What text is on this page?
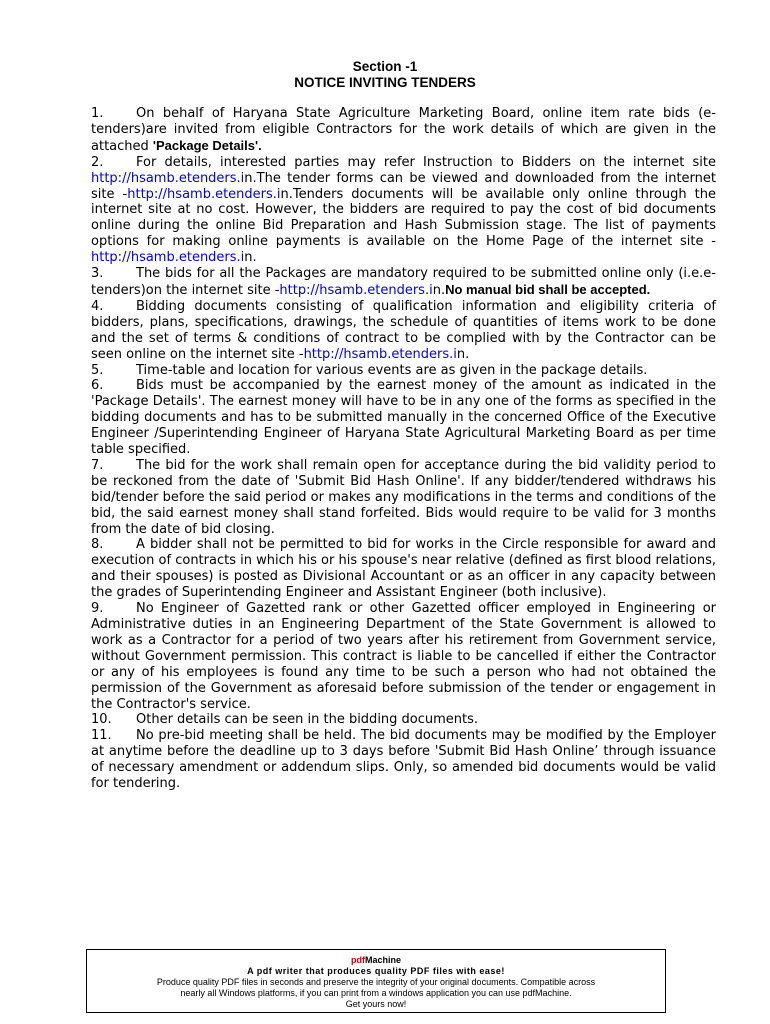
Section -1
NOTICE INVITING TENDERS

1.	On behalf of Haryana State Agriculture Marketing Board, online item rate bids (e-tenders)are invited from eligible Contractors for the work details of which are given in the attached 'Package Details'.

2.	For details, interested parties may refer Instruction to Bidders on the internet site http://hsamb.etenders.in.The tender forms can be viewed and downloaded from the internet site -http://hsamb.etenders.in.Tenders documents will be available only online through the internet site at no cost. However, the bidders are required to pay the cost of bid documents online during the online Bid Preparation and Hash Submission stage. The list of payments options for making online payments is available on the Home Page of the internet site -http://hsamb.etenders.in.

3.	The bids for all the Packages are mandatory required to be submitted online only (i.e.e-tenders)on the internet site -http://hsamb.etenders.in.No manual bid shall be accepted.

4.	Bidding documents consisting of qualification information and eligibility criteria of bidders, plans, specifications, drawings, the schedule of quantities of items work to be done and the set of terms & conditions of contract to be complied with by the Contractor can be seen online on the internet site -http://hsamb.etenders.in.

5.	Time-table and location for various events are as given in the package details.

6.	Bids must be accompanied by the earnest money of the amount as indicated in the 'Package Details'. The earnest money will have to be in any one of the forms as specified in the bidding documents and has to be submitted manually in the concerned Office of the Executive Engineer /Superintending Engineer of Haryana State Agricultural Marketing Board as per time table specified.

7.	The bid for the work shall remain open for acceptance during the bid validity period to be reckoned from the date of 'Submit Bid Hash Online'. If any bidder/tendered withdraws his bid/tender before the said period or makes any modifications in the terms and conditions of the bid, the said earnest money shall stand forfeited. Bids would require to be valid for 3 months from the date of bid closing.

8.	A bidder shall not be permitted to bid for works in the Circle responsible for award and execution of contracts in which his or his spouse's near relative (defined as first blood relations, and their spouses) is posted as Divisional Accountant or as an officer in any capacity between the grades of Superintending Engineer and Assistant Engineer (both inclusive).

9.	No Engineer of Gazetted rank or other Gazetted officer employed in Engineering or Administrative duties in an Engineering Department of the State Government is allowed to work as a Contractor for a period of two years after his retirement from Government service, without Government permission. This contract is liable to be cancelled if either the Contractor or any of his employees is found any time to be such a person who had not obtained the permission of the Government as aforesaid before submission of the tender or engagement in the Contractor's service.

10. Other details can be seen in the bidding documents.

11. No pre-bid meeting shall be held. The bid documents may be modified by the Employer at anytime before the deadline up to 3 days before 'Submit Bid Hash Online’ through issuance of necessary amendment or addendum slips. Only, so amended bid documents would be valid for tendering.

pdfMachine
A pdf writer that produces quality PDF files with ease!
Produce quality PDF files in seconds and preserve the integrity of your original documents. Compatible across
nearly all Windows platforms, if you can print from a windows application you can use pdfMachine.
Get yours now!
